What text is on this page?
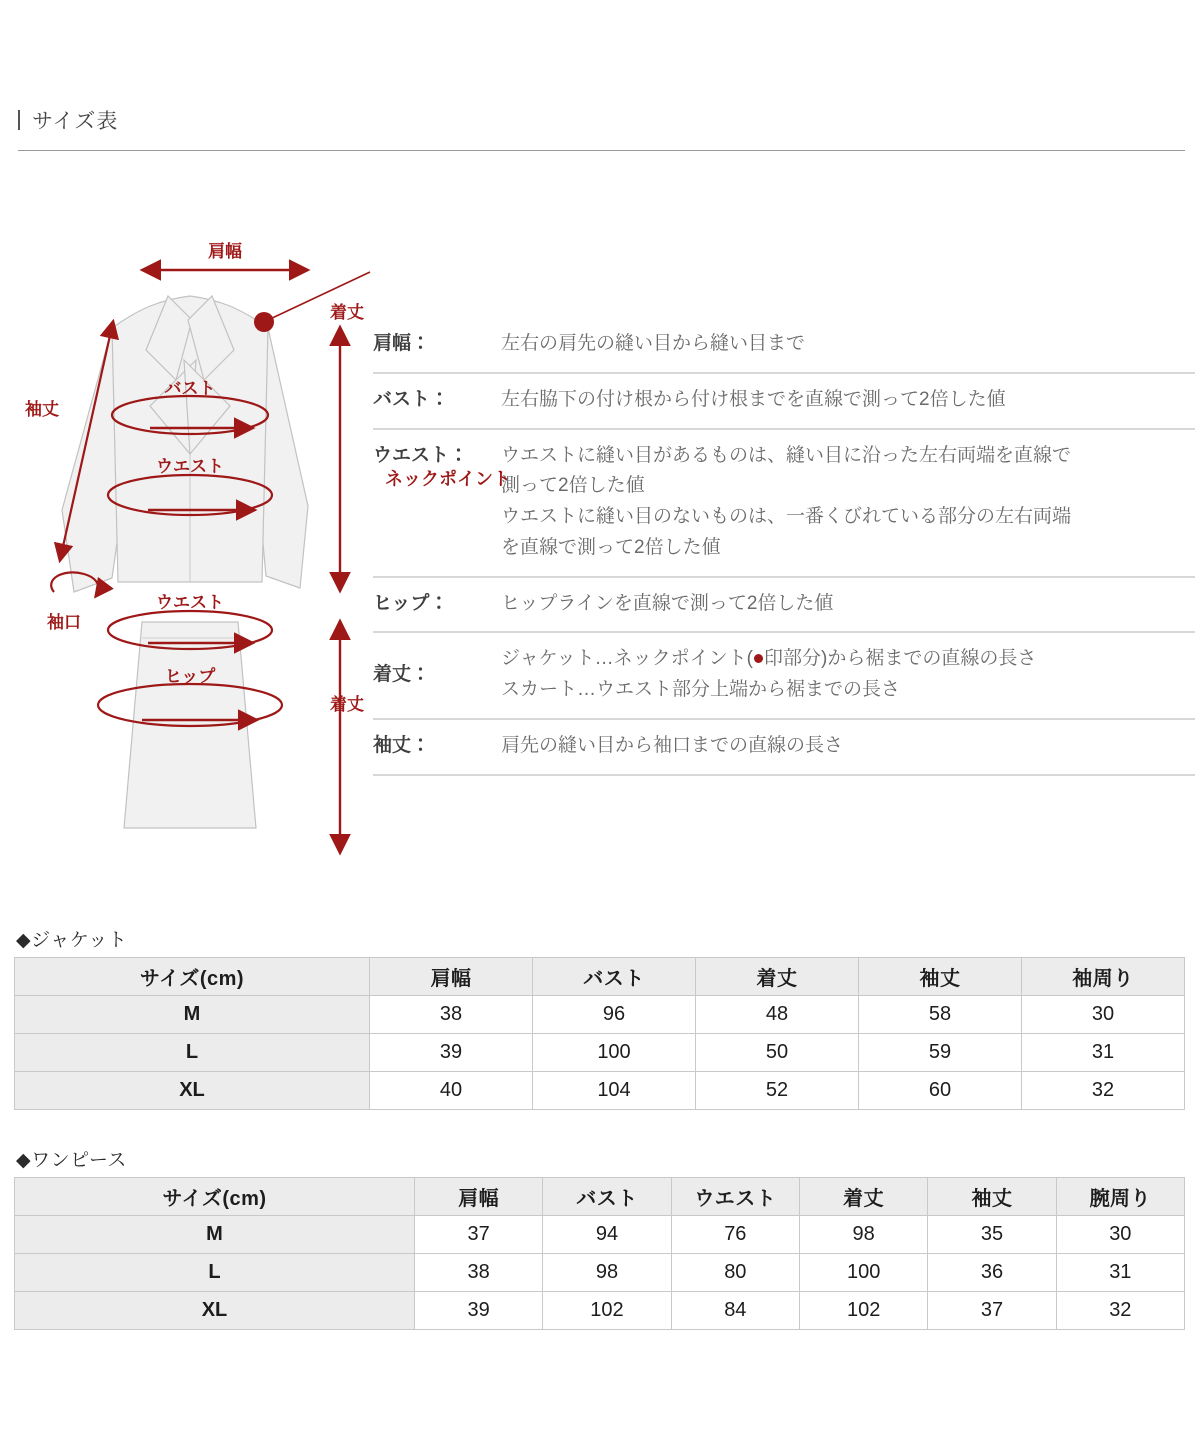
サイズ表
肩幅
袖丈
袖口
バスト
ウエスト
ウエスト
ヒップ
着丈
着丈
ネックポイント
肩幅：	左右の肩先の縫い目から縫い目まで
バスト：	左右脇下の付け根から付け根までを直線で測って2倍した値
ウエスト：	ウエストに縫い目があるものは、縫い目に沿った左右両端を直線で
測って2倍した値
ウエストに縫い目のないものは、一番くびれている部分の左右両端
を直線で測って2倍した値
ヒップ：	ヒップラインを直線で測って2倍した値
着丈：
ジャケット…ネックポイント( 印部分)から裾までの直線の長さ
スカート…ウエスト部分上端から裾までの長さ
袖丈：	肩先の縫い目から袖口までの直線の長さ
◆ジャケット
サイズ(cm)	肩幅	バスト	着丈	袖丈	袖周り
M	38	96	48	58	30
L	39	100	50	59	31
XL	40	104	52	60	32
◆ワンピース
サイズ(cm)	肩幅	バスト	ウエスト	着丈	袖丈	腕周り
M	37	94	76	98	35	30
L	38	98	80	100	36	31
XL	39	102	84	102	37	32
